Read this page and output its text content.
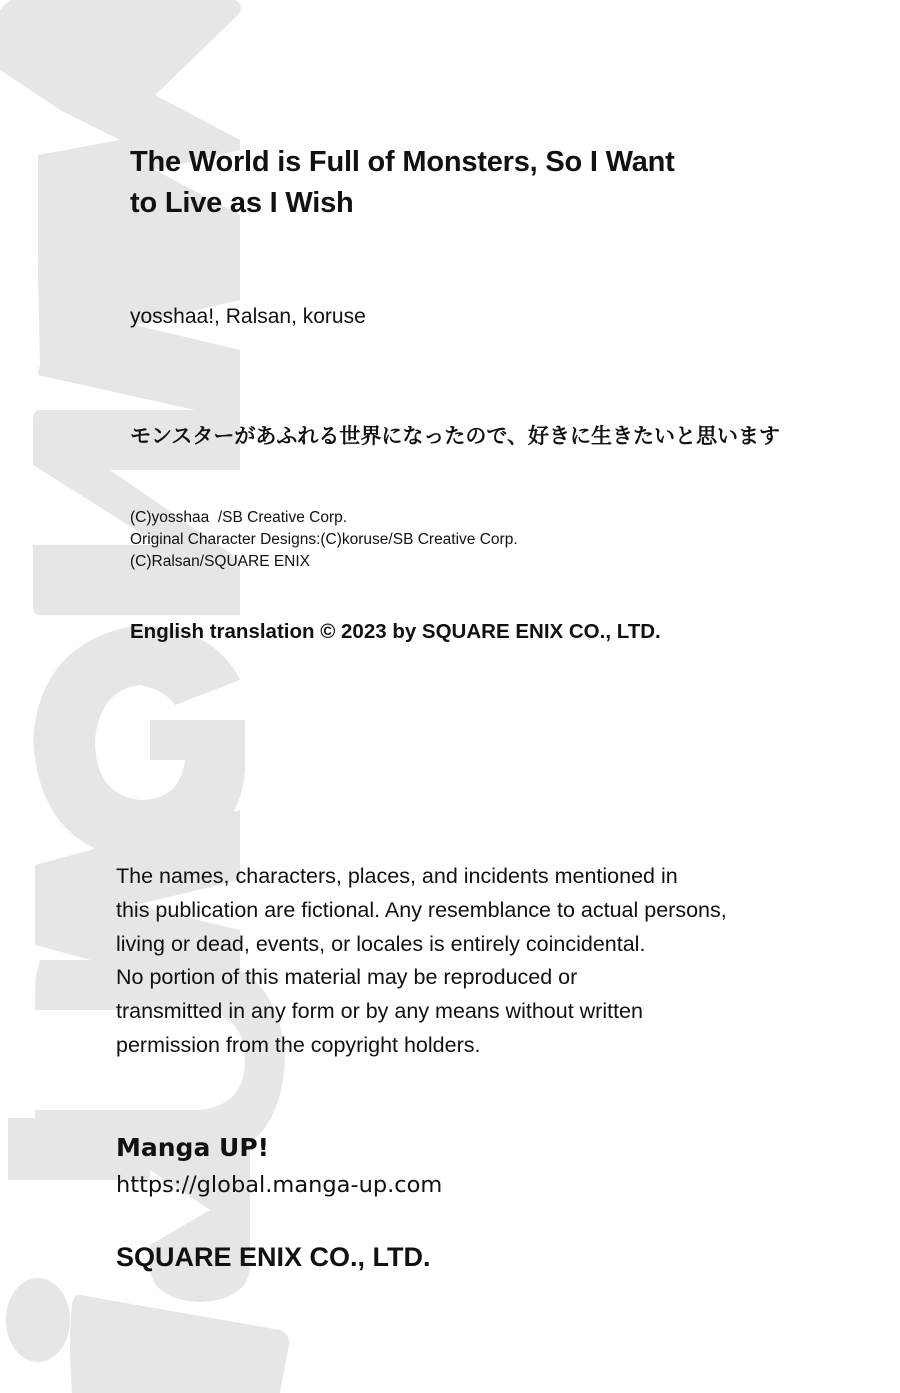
The World is Full of Monsters, So I Want
to Live as I Wish
yosshaa!, Ralsan, koruse
モンスターがあふれる世界になったので、好きに生きたいと思います
(C)yosshaa  /SB Creative Corp.
Original Character Designs:(C)koruse/SB Creative Corp.
(C)Ralsan/SQUARE ENIX
English translation © 2023 by SQUARE ENIX CO., LTD.
The names, characters, places, and incidents mentioned in
this publication are fictional. Any resemblance to actual persons,
living or dead, events, or locales is entirely coincidental.
No portion of this material may be reproduced or
transmitted in any form or by any means without written
permission from the copyright holders.
Manga UP!
https://global.manga-up.com
SQUARE ENIX CO., LTD.
